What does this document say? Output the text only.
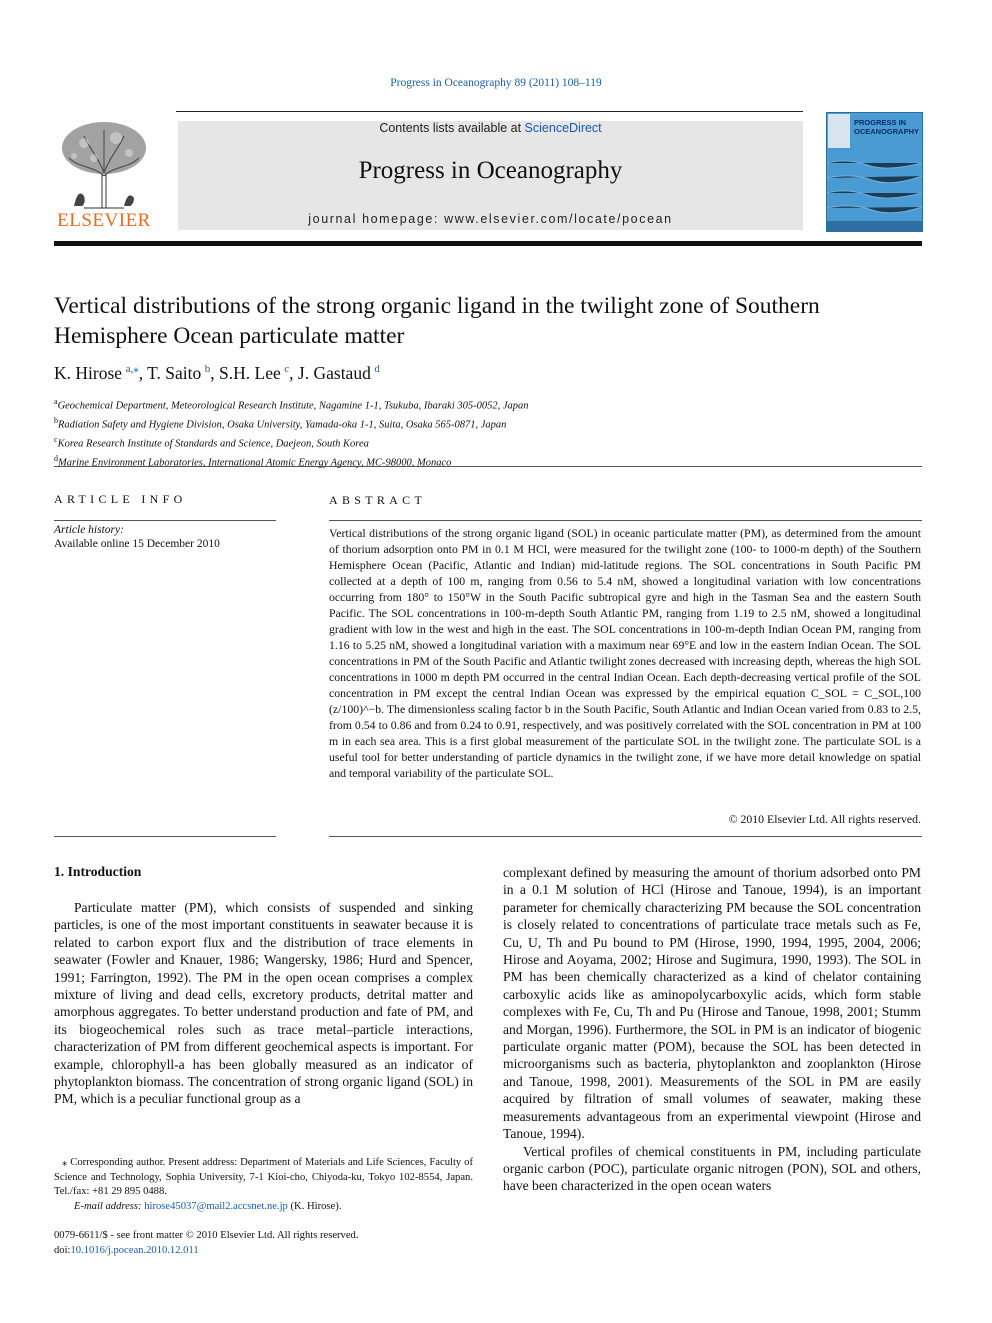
Progress in Oceanography 89 (2011) 108–119
ELSEVIER
Contents lists available at ScienceDirect
Progress in Oceanography
journal homepage: www.elsevier.com/locate/pocean
PROGRESS IN OCEANOGRAPHY
Vertical distributions of the strong organic ligand in the twilight zone of Southern Hemisphere Ocean particulate matter
K. Hirose  $^{a,⁎}$, T. Saito  $^b$, S.H. Lee  $^c$, J. Gastaud  $^d$
$^a$Geochemical Department, Meteorological Research Institute, Nagamine 1-1, Tsukuba, Ibaraki 305-0052, Japan
$^b$Radiation Safety and Hygiene Division, Osaka University, Yamada-oka 1-1, Suita, Osaka 565-0871, Japan
$^c$Korea Research Institute of Standards and Science, Daejeon, South Korea
$^d$Marine Environment Laboratories, International Atomic Energy Agency, MC-98000, Monaco
ARTICLE INFO
Article history:
Available online 15 December 2010
ABSTRACT
Vertical distributions of the strong organic ligand (SOL) in oceanic particulate matter (PM), as determined from the amount of thorium adsorption onto PM in 0.1 M HCl, were measured for the twilight zone (100- to 1000-m depth) of the Southern Hemisphere Ocean (Pacific, Atlantic and Indian) mid-latitude regions. The SOL concentrations in South Pacific PM collected at a depth of 100 m, ranging from 0.56 to 5.4 nM, showed a longitudinal variation with low concentrations occurring from 180° to 150°W in the South Pacific subtropical gyre and high in the Tasman Sea and the eastern South Pacific. The SOL concentrations in 100-m-depth South Atlantic PM, ranging from 1.19 to 2.5 nM, showed a longitudinal gradient with low in the west and high in the east. The SOL concentrations in 100-m-depth Indian Ocean PM, ranging from 1.16 to 5.25 nM, showed a longitudinal variation with a maximum near 69°E and low in the eastern Indian Ocean. The SOL concentrations in PM of the South Pacific and Atlantic twilight zones decreased with increasing depth, whereas the high SOL concentrations in 1000 m depth PM occurred in the central Indian Ocean. Each depth-decreasing vertical profile of the SOL concentration in PM except the central Indian Ocean was expressed by the empirical equation C_SOL = C_SOL,100 (z/100)^−b. The dimensionless scaling factor b in the South Pacific, South Atlantic and Indian Ocean varied from 0.83 to 2.5, from 0.54 to 0.86 and from 0.24 to 0.91, respectively, and was positively correlated with the SOL concentration in PM at 100 m in each sea area. This is a first global measurement of the particulate SOL in the twilight zone. The particulate SOL is a useful tool for better understanding of particle dynamics in the twilight zone, if we have more detail knowledge on spatial and temporal variability of the particulate SOL.
© 2010 Elsevier Ltd. All rights reserved.
1. Introduction
Particulate matter (PM), which consists of suspended and sinking particles, is one of the most important constituents in seawater because it is related to carbon export flux and the distribution of trace elements in seawater (Fowler and Knauer, 1986; Wangersky, 1986; Hurd and Spencer, 1991; Farrington, 1992). The PM in the open ocean comprises a complex mixture of living and dead cells, excretory products, detrital matter and amorphous aggregates. To better understand production and fate of PM, and its biogeochemical roles such as trace metal–particle interactions, characterization of PM from different geochemical aspects is important. For example, chlorophyll-a has been globally measured as an indicator of phytoplankton biomass. The concentration of strong organic ligand (SOL) in PM, which is a peculiar functional group as a
complexant defined by measuring the amount of thorium adsorbed onto PM in a 0.1 M solution of HCl (Hirose and Tanoue, 1994), is an important parameter for chemically characterizing PM because the SOL concentration is closely related to concentrations of particulate trace metals such as Fe, Cu, U, Th and Pu bound to PM (Hirose, 1990, 1994, 1995, 2004, 2006; Hirose and Aoyama, 2002; Hirose and Sugimura, 1990, 1993). The SOL in PM has been chemically characterized as a kind of chelator containing carboxylic acids like as aminopolycarboxylic acids, which form stable complexes with Fe, Cu, Th and Pu (Hirose and Tanoue, 1998, 2001; Stumm and Morgan, 1996). Furthermore, the SOL in PM is an indicator of biogenic particulate organic matter (POM), because the SOL has been detected in microorganisms such as bacteria, phytoplankton and zooplankton (Hirose and Tanoue, 1998, 2001). Measurements of the SOL in PM are easily acquired by filtration of small volumes of seawater, making these measurements advantageous from an experimental viewpoint (Hirose and Tanoue, 1994).
Vertical profiles of chemical constituents in PM, including particulate organic carbon (POC), particulate organic nitrogen (PON), SOL and others, have been characterized in the open ocean waters
⁎ Corresponding author. Present address: Department of Materials and Life Sciences, Faculty of Science and Technology, Sophia University, 7-1 Kioi-cho, Chiyoda-ku, Tokyo 102-8554, Japan. Tel./fax: +81 29 895 0488.
E-mail address: hirose45037@mail2.accsnet.ne.jp (K. Hirose).
0079-6611/$ - see front matter © 2010 Elsevier Ltd. All rights reserved.
doi:10.1016/j.pocean.2010.12.011
